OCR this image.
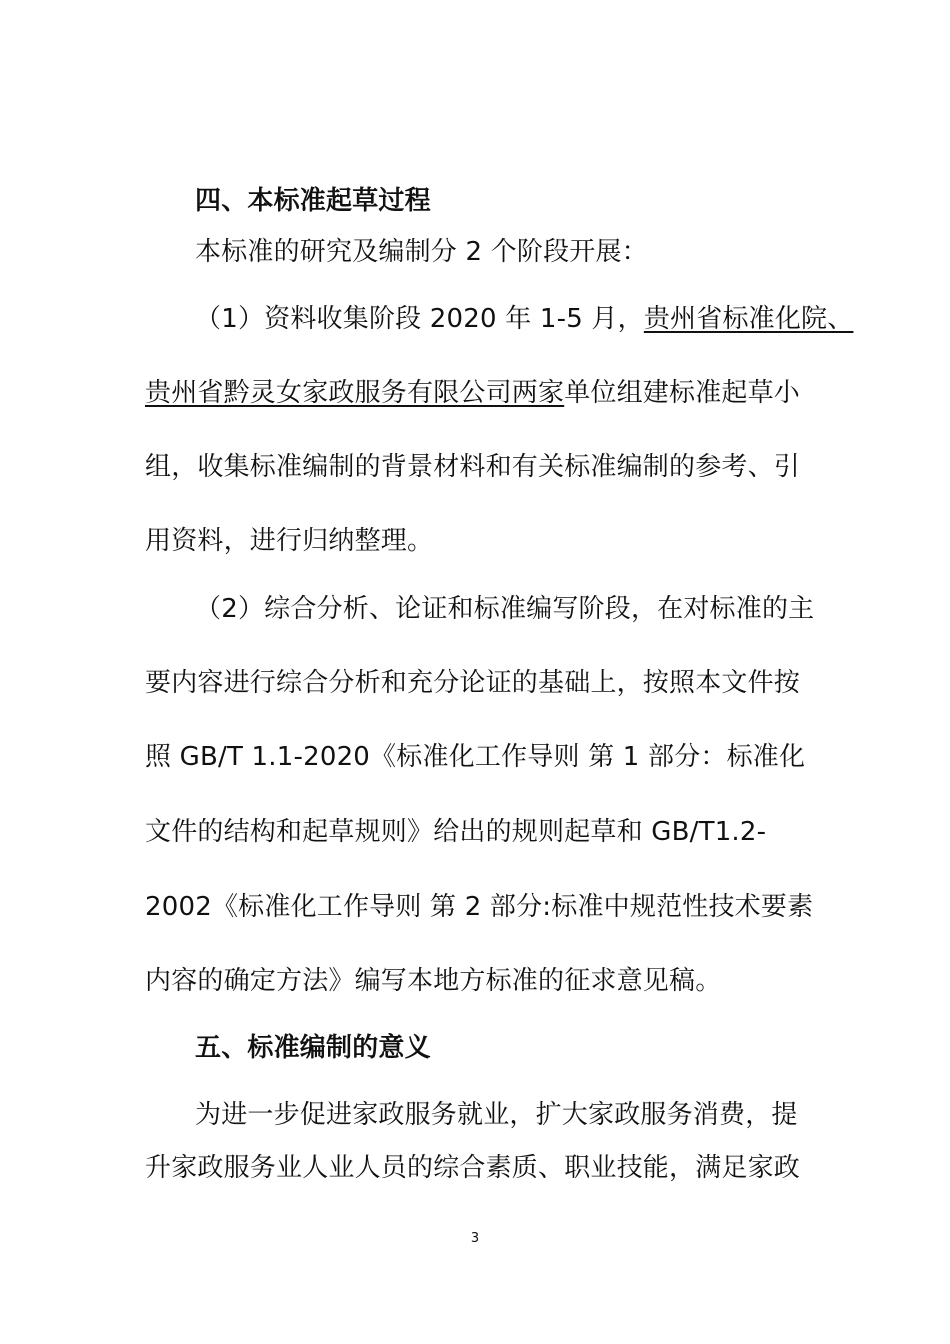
四、本标准起草过程
本标准的研究及编制分 2 个阶段开展：
（1）资料收集阶段 2020 年 1-5 月，贵州省标准化院、
贵州省黔灵女家政服务有限公司两家单位组建标准起草小
组，收集标准编制的背景材料和有关标准编制的参考、引
用资料，进行归纳整理。
（2）综合分析、论证和标准编写阶段，在对标准的主
要内容进行综合分析和充分论证的基础上，按照本文件按
照 GB/T 1.1-2020《标准化工作导则 第 1 部分：标准化
文件的结构和起草规则》给出的规则起草和 GB/T1.2-
2002《标准化工作导则 第 2 部分:标准中规范性技术要素
内容的确定方法》编写本地方标准的征求意见稿。
五、标准编制的意义
为进一步促进家政服务就业，扩大家政服务消费，提
升家政服务业人业人员的综合素质、职业技能，满足家政
3
